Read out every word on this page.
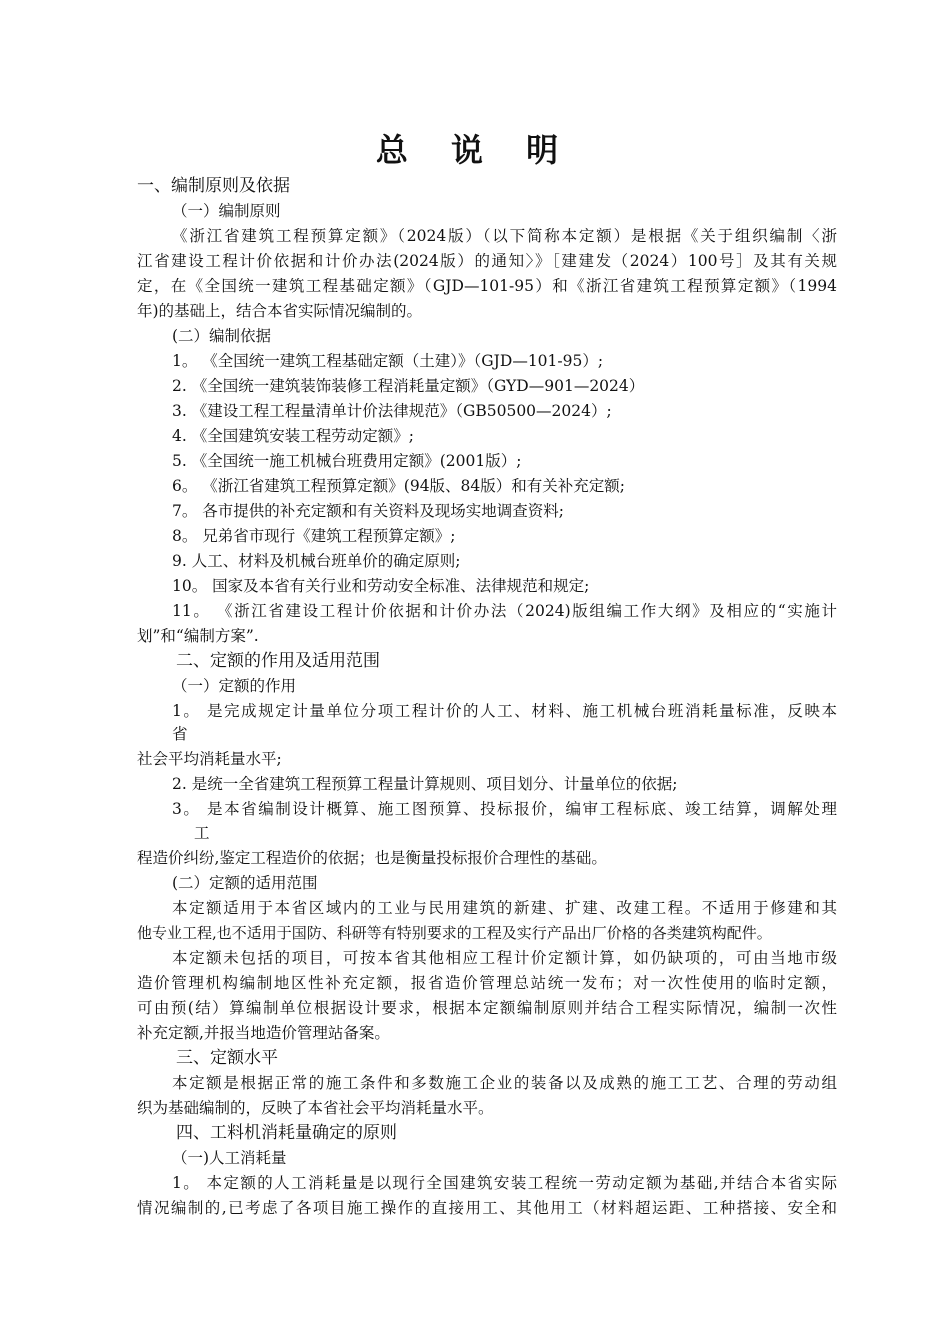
总 说 明
一、编制原则及依据
（一）编制原则
《浙江省建筑工程预算定额》（2024版）（以下简称本定额）是根据《关于组织编制〈浙
江省建设工程计价依据和计价办法(2024版）的通知〉》［建建发（2024）100号］及其有关规
定，在《全国统一建筑工程基础定额》（GJD—101-95）和《浙江省建筑工程预算定额》（1994
年)的基础上，结合本省实际情况编制的。
(二）编制依据
1。 《全国统一建筑工程基础定额（土建）》（GJD—101-95）;
2. 《全国统一建筑装饰装修工程消耗量定额》（GYD—901—2024）
3. 《建设工程工程量清单计价法律规范》（GB50500—2024）;
4. 《全国建筑安装工程劳动定额》;
5. 《全国统一施工机械台班费用定额》(2001版）;
6。 《浙江省建筑工程预算定额》(94版、84版）和有关补充定额;
7。 各市提供的补充定额和有关资料及现场实地调查资料;
8。 兄弟省市现行《建筑工程预算定额》;
9. 人工、材料及机械台班单价的确定原则;
10。 国家及本省有关行业和劳动安全标准、法律规范和规定;
11。 《浙江省建设工程计价依据和计价办法（2024)版组编工作大纲》及相应的“实施计
划”和“编制方案”.
二、定额的作用及适用范围
（一）定额的作用
1。 是完成规定计量单位分项工程计价的人工、材料、施工机械台班消耗量标准，反映本
省
社会平均消耗量水平;
2. 是统一全省建筑工程预算工程量计算规则、项目划分、计量单位的依据;
3。 是本省编制设计概算、施工图预算、投标报价，编审工程标底、竣工结算，调解处理
工
程造价纠纷,鉴定工程造价的依据；也是衡量投标报价合理性的基础。
(二）定额的适用范围
本定额适用于本省区域内的工业与民用建筑的新建、扩建、改建工程。不适用于修建和其
他专业工程,也不适用于国防、科研等有特别要求的工程及实行产品出厂价格的各类建筑构配件。
本定额未包括的项目，可按本省其他相应工程计价定额计算，如仍缺项的，可由当地市级
造价管理机构编制地区性补充定额，报省造价管理总站统一发布；对一次性使用的临时定额，
可由预(结）算编制单位根据设计要求，根据本定额编制原则并结合工程实际情况，编制一次性
补充定额,并报当地造价管理站备案。
三、定额水平
本定额是根据正常的施工条件和多数施工企业的装备以及成熟的施工工艺、合理的劳动组
织为基础编制的，反映了本省社会平均消耗量水平。
四、工料机消耗量确定的原则
（一)人工消耗量
1。 本定额的人工消耗量是以现行全国建筑安装工程统一劳动定额为基础,并结合本省实际
情况编制的,已考虑了各项目施工操作的直接用工、其他用工（材料超运距、工种搭接、安全和
